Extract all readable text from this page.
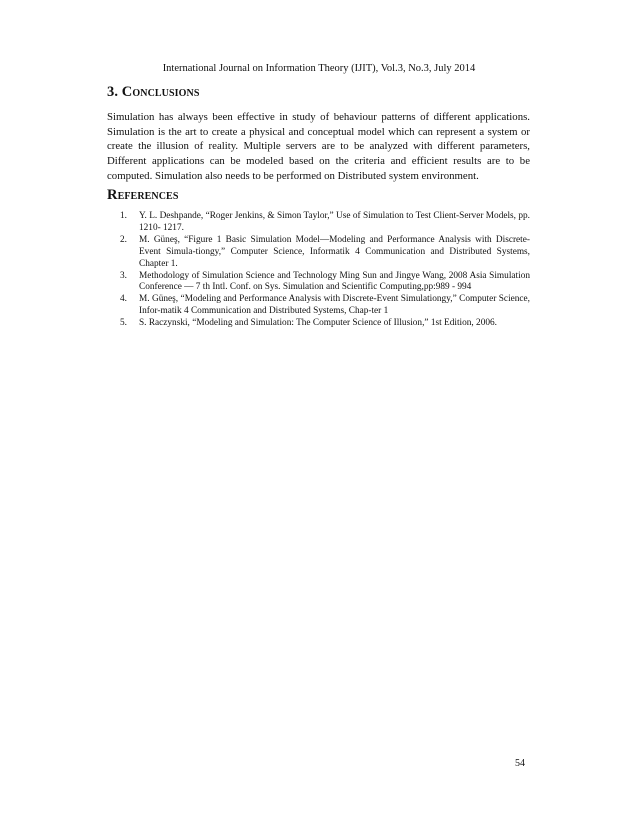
International Journal on Information Theory (IJIT), Vol.3, No.3, July 2014
3. Conclusions

Simulation has always been effective in study of behaviour patterns of different applications. Simulation is the art to create a physical and conceptual model which can represent a system or create the illusion of reality. Multiple servers are to be analyzed with different parameters, Different applications can be modeled based on the criteria and efficient results are to be computed. Simulation also needs to be performed on Distributed system environment.

References
1. Y. L. Deshpande, “Roger Jenkins, & Simon Taylor,” Use of Simulation to Test Client-Server Models, pp. 1210- 1217.
2. M. Güneş, “Figure 1 Basic Simulation Model—Modeling and Performance Analysis with Discrete-Event Simula-tiongy,” Computer Science, Informatik 4 Communication and Distributed Systems, Chapter 1.
3. Methodology of Simulation Science and Technology Ming Sun and Jingye Wang, 2008 Asia Simulation Conference — 7 th Intl. Conf. on Sys. Simulation and Scientific Computing,pp:989 - 994
4. M. Güneş, “Modeling and Performance Analysis with Discrete-Event Simulationgy,” Computer Science, Infor-matik 4 Communication and Distributed Systems, Chap-ter 1
5. S. Raczynski, “Modeling and Simulation: The Computer Science of Illusion,” 1st Edition, 2006.
54
